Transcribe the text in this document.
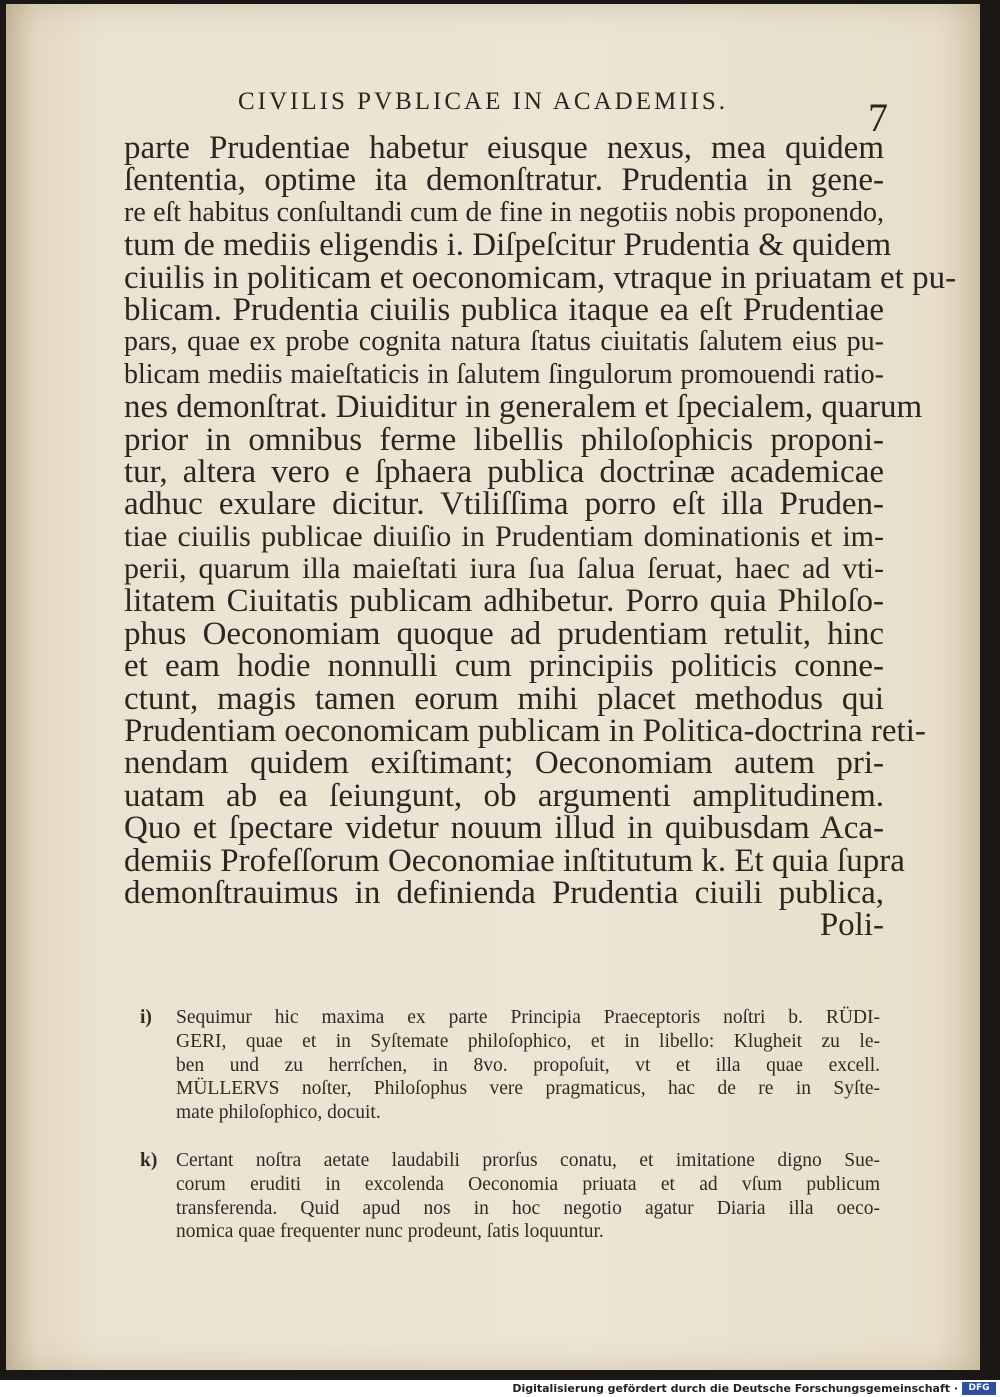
CIVILIS PVBLICAE IN ACADEMIIS.	7
parte Prudentiae habetur eiusque nexus, mea quidem
ſententia, optime ita demonſtratur. Prudentia in gene-
re eſt habitus conſultandi cum de fine in negotiis nobis proponendo,
tum de mediis eligendis i. Diſpeſcitur Prudentia & quidem
ciuilis in politicam et oeconomicam, vtraque in priuatam et pu-
blicam. Prudentia ciuilis publica itaque ea eſt Prudentiae
pars, quae ex probe cognita natura ſtatus ciuitatis ſalutem eius pu-
blicam mediis maieſtaticis in ſalutem ſingulorum promouendi ratio-
nes demonſtrat. Diuiditur in generalem et ſpecialem, quarum
prior in omnibus ferme libellis philoſophicis proponi-
tur, altera vero e ſphaera publica doctrinæ academicae
adhuc exulare dicitur. Vtiliſſima porro eſt illa Pruden-
tiae ciuilis publicae diuiſio in Prudentiam dominationis et im-
perii, quarum illa maieſtati iura ſua ſalua ſeruat, haec ad vti-
litatem Ciuitatis publicam adhibetur. Porro quia Philoſo-
phus Oeconomiam quoque ad prudentiam retulit, hinc
et eam hodie nonnulli cum principiis politicis conne-
ctunt, magis tamen eorum mihi placet methodus qui
Prudentiam oeconomicam publicam in Politica-doctrina reti-
nendam quidem exiſtimant; Oeconomiam autem pri-
uatam ab ea ſeiungunt, ob argumenti amplitudinem.
Quo et ſpectare videtur nouum illud in quibusdam Aca-
demiis Profeſſorum Oeconomiae inſtitutum k. Et quia ſupra
demonſtrauimus in definienda Prudentia ciuili publica,
Poli-
i) Sequimur hic maxima ex parte Principia Praeceptoris noſtri b. RÜDI-
GERI, quae et in Syſtemate philoſophico, et in libello: Klugheit zu le-
ben und zu herrſchen, in 8vo. propoſuit, vt et illa quae excell.
MÜLLERVS noſter, Philoſophus vere pragmaticus, hac de re in Syſte-
mate philoſophico, docuit.
k) Certant noſtra aetate laudabili prorſus conatu, et imitatione digno Sue-
corum eruditi in excolenda Oeconomia priuata et ad vſum publicum
transferenda. Quid apud nos in hoc negotio agatur Diaria illa oeco-
nomica quae frequenter nunc prodeunt, ſatis loquuntur.
Digitalisierung gefördert durch die Deutsche Forschungsgemeinschaft ·	DFG
